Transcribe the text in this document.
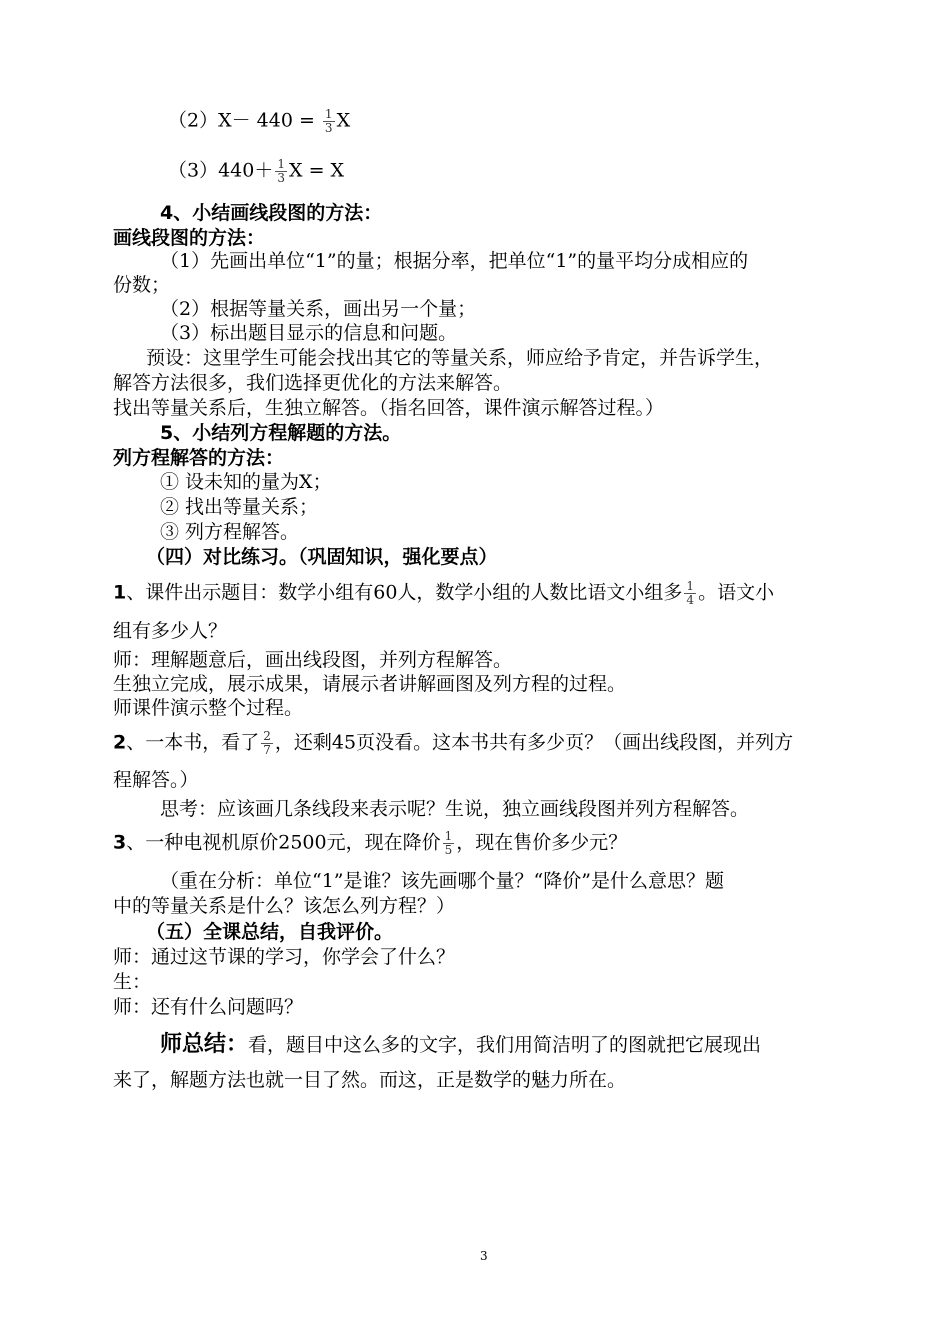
$(2)X- 440 = \frac{1}{3}$ X
$(3)440+ \frac{1}{3}$ X = X
4、小结画线段图的方法：
画线段图的方法：
（1）先画出单位“1”的量；根据分率，把单位“1”的量平均分成相应的
份数；
（2）根据等量关系，画出另一个量；
（3）标出题目显示的信息和问题。
预设：这里学生可能会找出其它的等量关系，师应给予肯定，并告诉学生，
解答方法很多，我们选择更优化的方法来解答。
找出等量关系后，生独立解答。（指名回答，课件演示解答过程。）
5、小结列方程解题的方法。
列方程解答的方法：
① 设未知的量为X；
② 找出等量关系；
③ 列方程解答。
（四）对比练习。（巩固知识，强化要点）
1、课件出示题目：数学小组有60人，数学小组的人数比语文小组多 $\frac{1}{4}$ 。语文小
组有多少人？
师：理解题意后，画出线段图，并列方程解答。
生独立完成，展示成果，请展示者讲解画图及列方程的过程。
师课件演示整个过程。
2、一本书，看了 $\frac{2}{7}$ ，还剩45页没看。这本书共有多少页？（画出线段图，并列方
程解答。）
思考：应该画几条线段来表示呢？生说，独立画线段图并列方程解答。
3、一种电视机原价2500元，现在降价 $\frac{1}{5}$ ，现在售价多少元？
（重在分析：单位“1”是谁？该先画哪个量？“降价”是什么意思？题
中的等量关系是什么？该怎么列方程？）
（五）全课总结，自我评价。
师：通过这节课的学习，你学会了什么？
生：
师：还有什么问题吗？
师总结：看，题目中这么多的文字，我们用简洁明了的图就把它展现出
来了，解题方法也就一目了然。而这，正是数学的魅力所在。
3
